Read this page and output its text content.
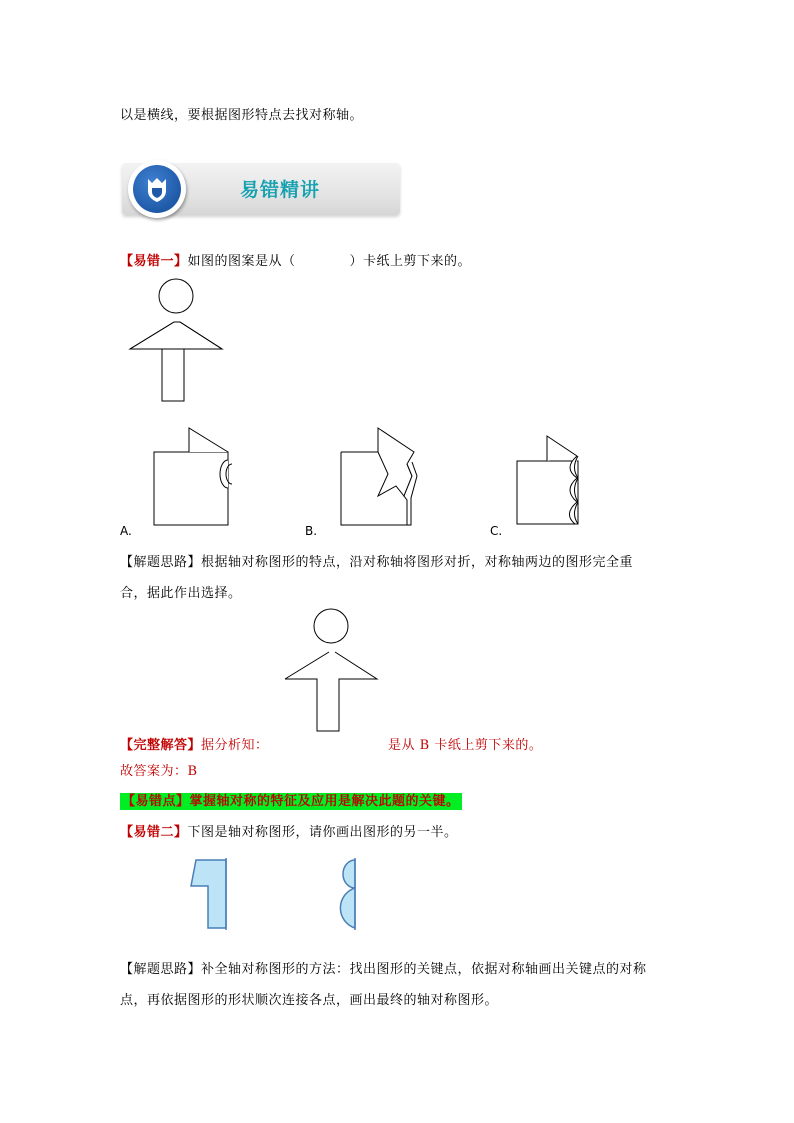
以是横线，要根据图形特点去找对称轴。
易错精讲
【易错一】如图的图案是从（　　　　）卡纸上剪下来的。
A.	B.	C.
【解题思路】根据轴对称图形的特点，沿对称轴将图形对折，对称轴两边的图形完全重
合，据此作出选择。
【完整解答】据分析知：	是从 B 卡纸上剪下来的。
故答案为：B
【易错点】掌握轴对称的特征及应用是解决此题的关键。
【易错二】下图是轴对称图形，请你画出图形的另一半。
【解题思路】补全轴对称图形的方法：找出图形的关键点，依据对称轴画出关键点的对称
点，再依据图形的形状顺次连接各点，画出最终的轴对称图形。
